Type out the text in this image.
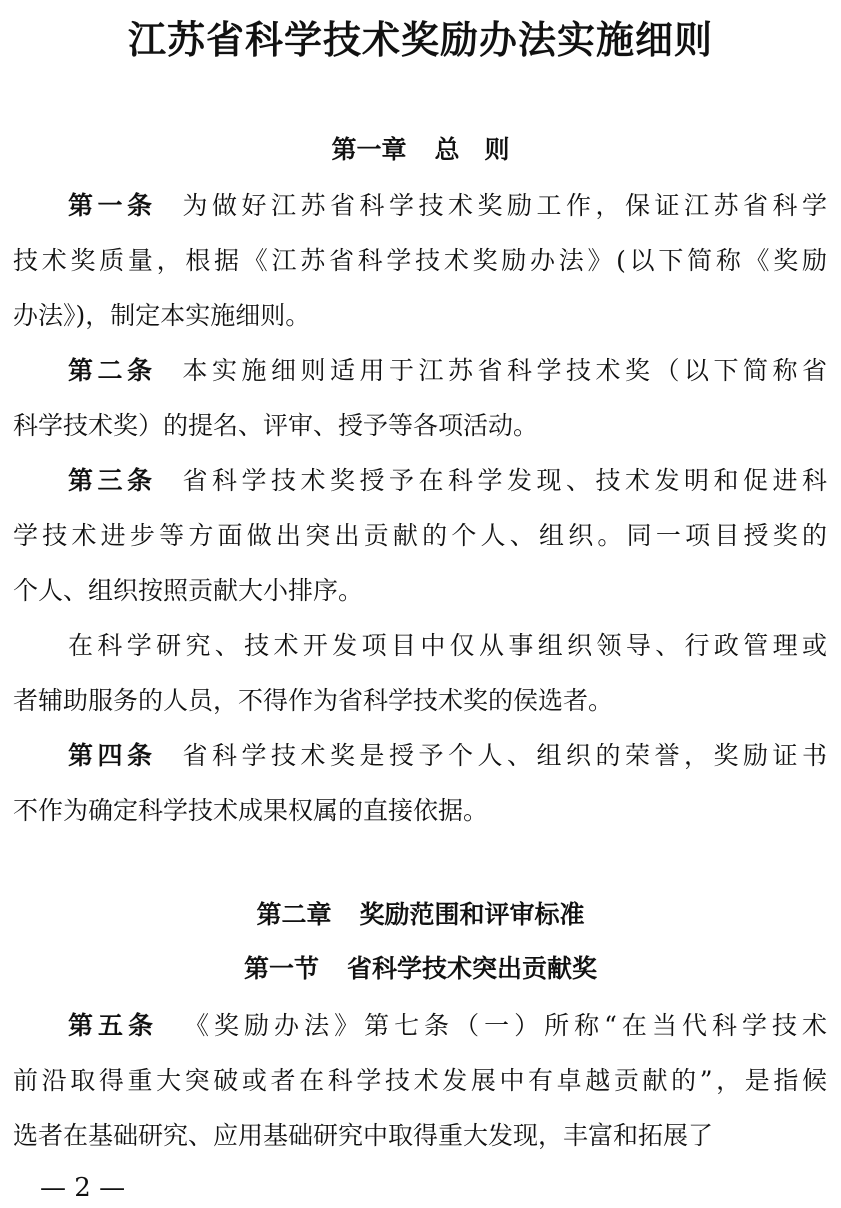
江苏省科学技术奖励办法实施细则
第一章 总　则
第一条 为做好江苏省科学技术奖励工作，保证江苏省科学
技术奖质量，根据《江苏省科学技术奖励办法》(以下简称《奖励
办法》)，制定本实施细则。
第二条 本实施细则适用于江苏省科学技术奖（以下简称省
科学技术奖）的提名、评审、授予等各项活动。
第三条 省科学技术奖授予在科学发现、技术发明和促进科
学技术进步等方面做出突出贡献的个人、组织。同一项目授奖的
个人、组织按照贡献大小排序。
在科学研究、技术开发项目中仅从事组织领导、行政管理或
者辅助服务的人员，不得作为省科学技术奖的侯选者。
第四条 省科学技术奖是授予个人、组织的荣誉，奖励证书
不作为确定科学技术成果权属的直接依据。
第二章 奖励范围和评审标准
第一节 省科学技术突出贡献奖
第五条 《奖励办法》第七条（一）所称“在当代科学技术
前沿取得重大突破或者在科学技术发展中有卓越贡献的”，是指候
选者在基础研究、应用基础研究中取得重大发现，丰富和拓展了
— 2 —
